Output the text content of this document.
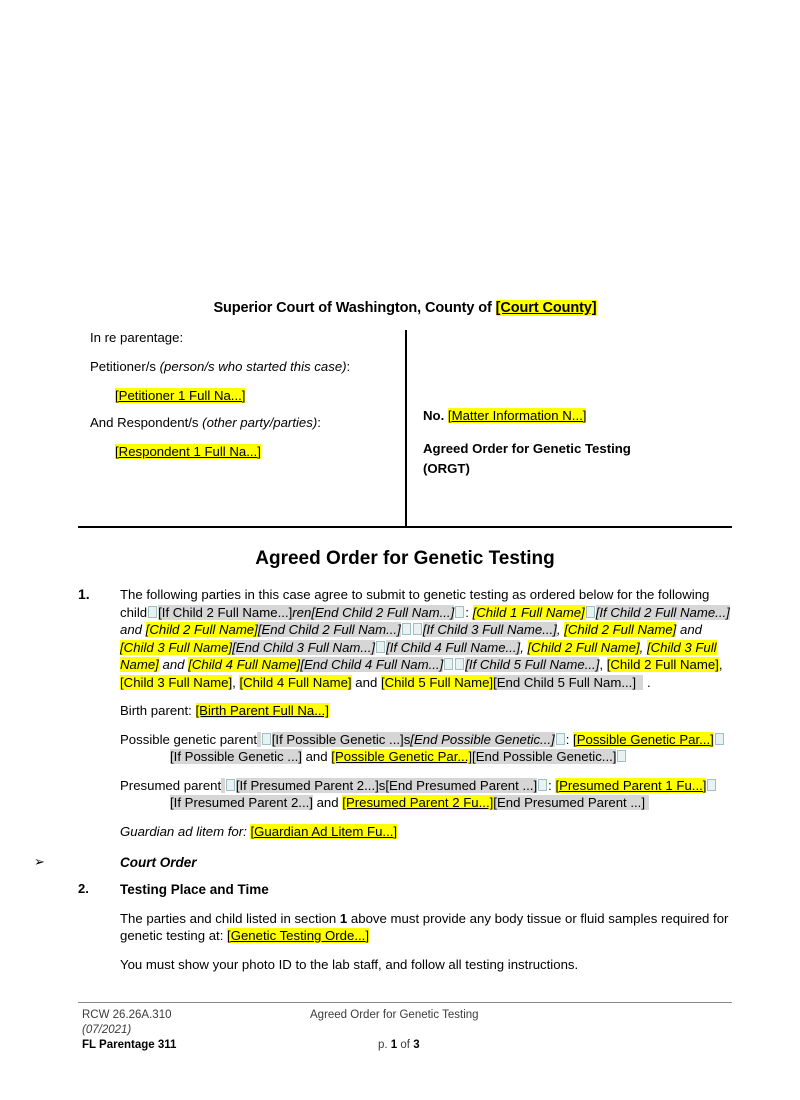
Superior Court of Washington, County of [Court County]
In re parentage:
Petitioner/s (person/s who started this case):
[Petitioner 1 Full Na...]
And Respondent/s (other party/parties):
[Respondent 1 Full Na...]
No. [Matter Information N...]
Agreed Order for Genetic Testing
(ORGT)
Agreed Order for Genetic Testing
1.	The following parties in this case agree to submit to genetic testing as ordered below for the following child [If Child 2 Full Name...]ren[End Child 2 Full Nam...] : [Child 1 Full Name] [If Child 2 Full Name...] and [Child 2 Full Name][End Child 2 Full Nam...] [If Child 3 Full Name...], [Child 2 Full Name] and [Child 3 Full Name][End Child 3 Full Nam...] [If Child 4 Full Name...], [Child 2 Full Name], [Child 3 Full Name] and [Child 4 Full Name][End Child 4 Full Nam...] [If Child 5 Full Name...], [Child 2 Full Name], [Child 3 Full Name], [Child 4 Full Name] and [Child 5 Full Name][End Child 5 Full Nam...]   .
Birth parent: [Birth Parent Full Na...]
Possible genetic parent [If Possible Genetic ...]s[End Possible Genetic...] : [Possible Genetic Par...][If Possible Genetic ...] and [Possible Genetic Par...][End Possible Genetic...]
Presumed parent [If Presumed Parent 2...]s[End Presumed Parent ...] : [Presumed Parent 1 Fu...][If Presumed Parent 2...] and [Presumed Parent 2 Fu...][End Presumed Parent ...]
Guardian ad litem for: [Guardian Ad Litem Fu...]
➢	Court Order
2.	Testing Place and Time
The parties and child listed in section 1 above must provide any body tissue or fluid samples required for genetic testing at: [Genetic Testing Orde...]
You must show your photo ID to the lab staff, and follow all testing instructions.
RCW 26.26A.310	Agreed Order for Genetic Testing
(07/2021)
FL Parentage 311	p. 1 of 3
